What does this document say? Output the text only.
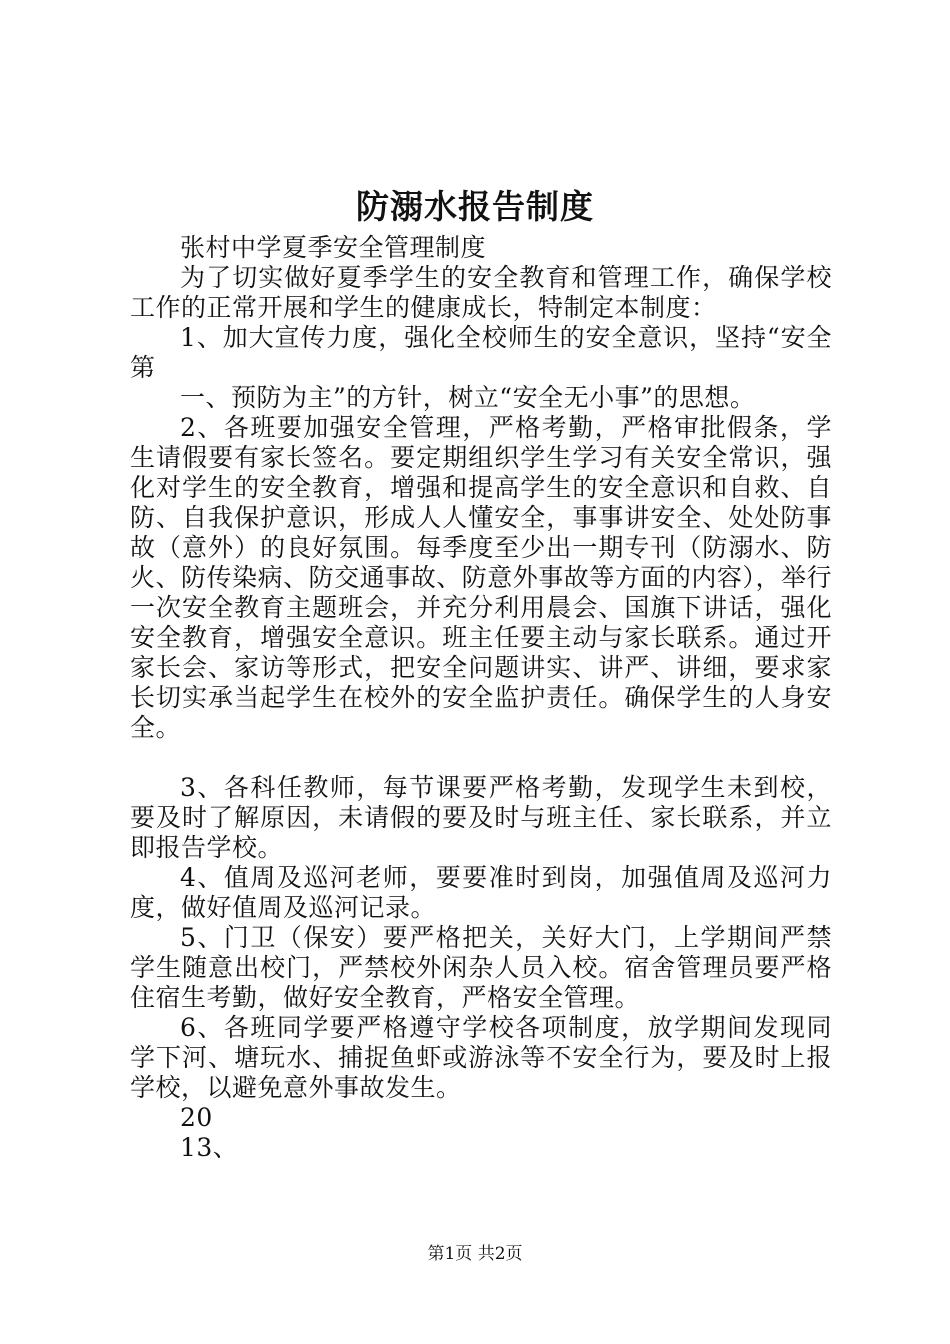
防溺水报告制度

张村中学夏季安全管理制度

为了切实做好夏季学生的安全教育和管理工作，确保学校工作的正常开展和学生的健康成长，特制定本制度：

1、加大宣传力度，强化全校师生的安全意识，坚持“安全第

一、预防为主”的方针，树立“安全无小事”的思想。

2、各班要加强安全管理，严格考勤，严格审批假条，学生请假要有家长签名。要定期组织学生学习有关安全常识，强化对学生的安全教育，增强和提高学生的安全意识和自救、自防、自我保护意识，形成人人懂安全，事事讲安全、处处防事故（意外）的良好氛围。每季度至少出一期专刊（防溺水、防火、防传染病、防交通事故、防意外事故等方面的内容），举行一次安全教育主题班会，并充分利用晨会、国旗下讲话，强化安全教育，增强安全意识。班主任要主动与家长联系。通过开家长会、家访等形式，把安全问题讲实、讲严、讲细，要求家长切实承当起学生在校外的安全监护责任。确保学生的人身安全。

3、各科任教师，每节课要严格考勤，发现学生未到校，要及时了解原因，未请假的要及时与班主任、家长联系，并立即报告学校。

4、值周及巡河老师，要要准时到岗，加强值周及巡河力度，做好值周及巡河记录。

5、门卫（保安）要严格把关，关好大门，上学期间严禁学生随意出校门，严禁校外闲杂人员入校。宿舍管理员要严格住宿生考勤，做好安全教育，严格安全管理。

6、各班同学要严格遵守学校各项制度，放学期间发现同学下河、塘玩水、捕捉鱼虾或游泳等不安全行为，要及时上报学校，以避免意外事故发生。

20

13、

第1页 共2页
